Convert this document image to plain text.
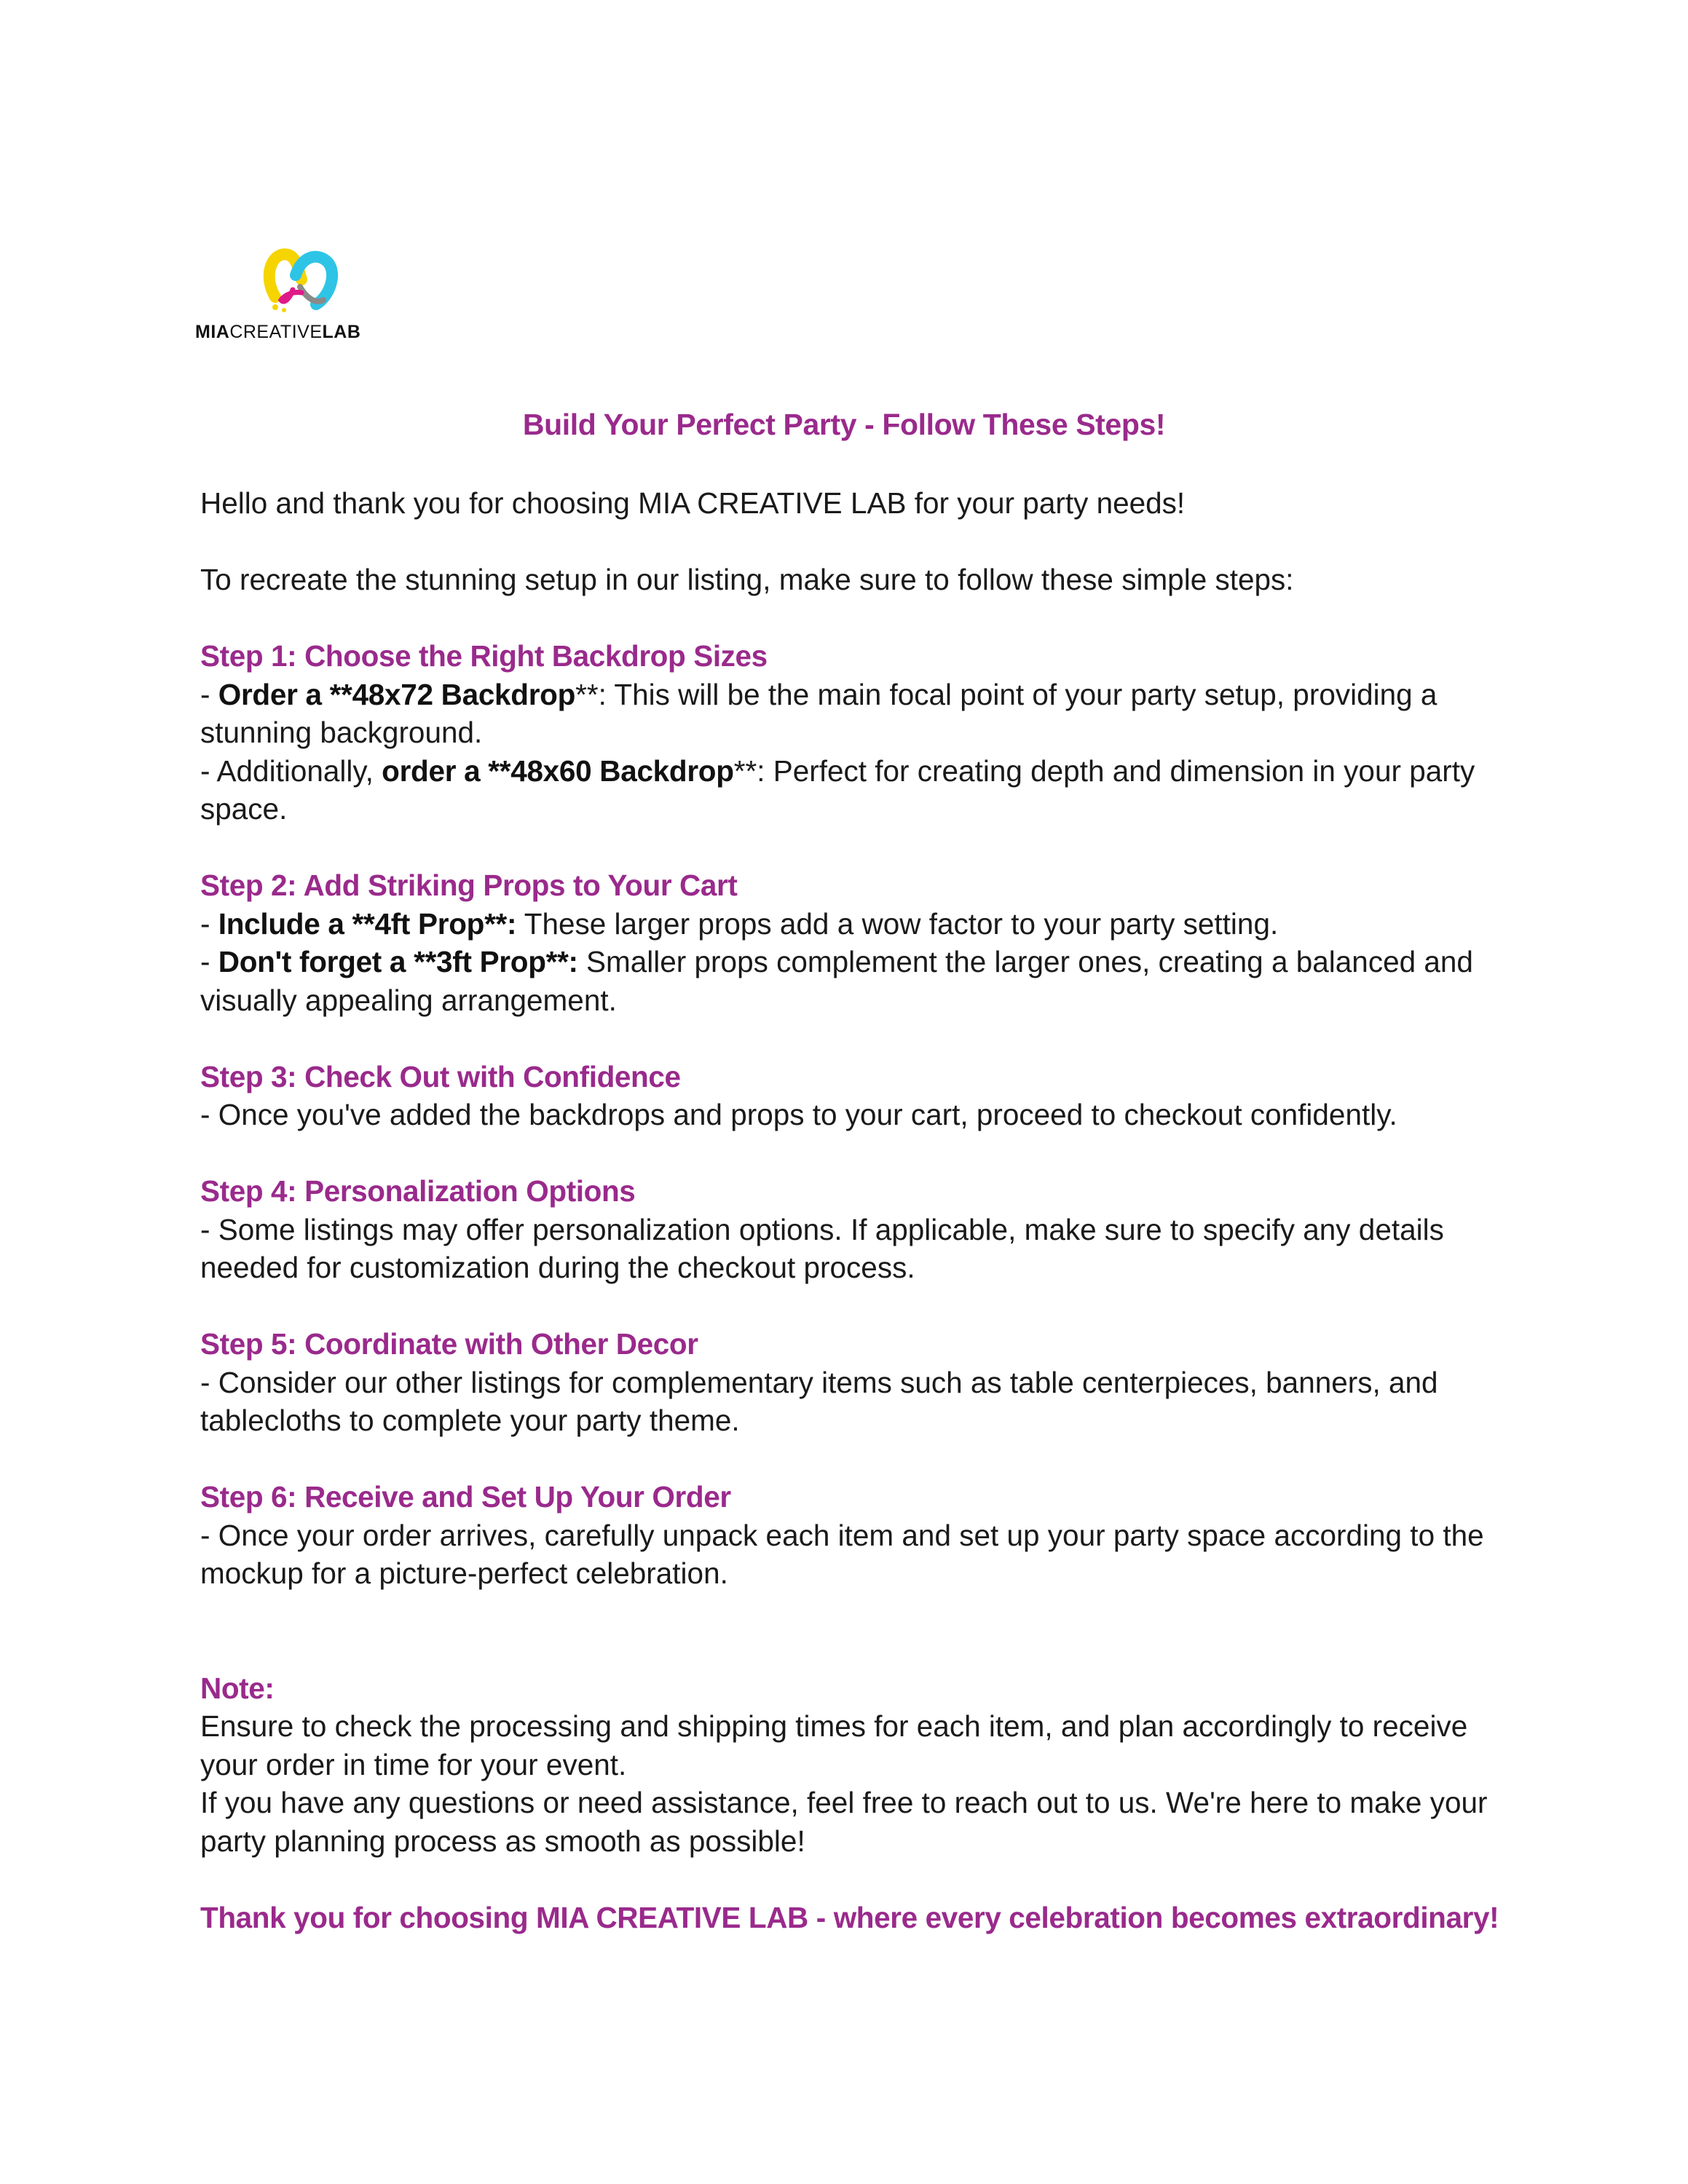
MIACREATIVELAB
Build Your Perfect Party - Follow These Steps!

Hello and thank you for choosing MIA CREATIVE LAB for your party needs!

To recreate the stunning setup in our listing, make sure to follow these simple steps:

Step 1: Choose the Right Backdrop Sizes

- Order a **48x72 Backdrop**: This will be the main focal point of your party setup, providing a stunning background.

- Additionally, order a **48x60 Backdrop**: Perfect for creating depth and dimension in your party space.

Step 2: Add Striking Props to Your Cart

- Include a **4ft Prop**: These larger props add a wow factor to your party setting.

- Don't forget a **3ft Prop**: Smaller props complement the larger ones, creating a balanced and visually appealing arrangement.

Step 3: Check Out with Confidence

- Once you've added the backdrops and props to your cart, proceed to checkout confidently.

Step 4: Personalization Options

- Some listings may offer personalization options. If applicable, make sure to specify any details needed for customization during the checkout process.

Step 5: Coordinate with Other Decor

- Consider our other listings for complementary items such as table centerpieces, banners, and tablecloths to complete your party theme.

Step 6: Receive and Set Up Your Order

- Once your order arrives, carefully unpack each item and set up your party space according to the mockup for a picture-perfect celebration.

Note:

Ensure to check the processing and shipping times for each item, and plan accordingly to receive your order in time for your event.

If you have any questions or need assistance, feel free to reach out to us. We're here to make your party planning process as smooth as possible!

Thank you for choosing MIA CREATIVE LAB - where every celebration becomes extraordinary!
